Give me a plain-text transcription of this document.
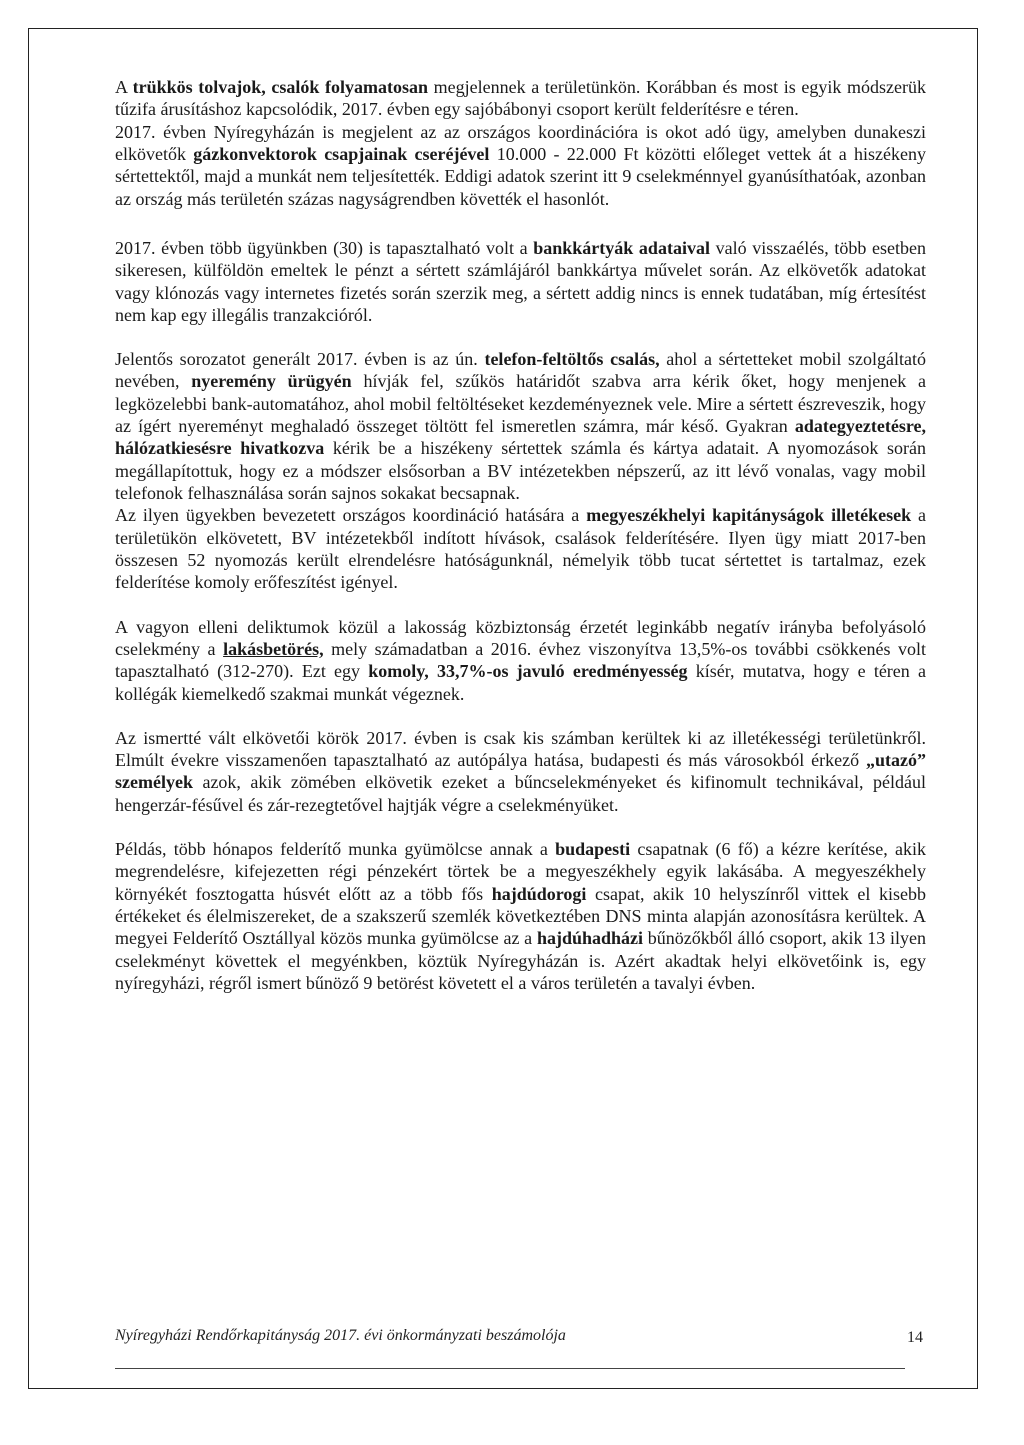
A trükkös tolvajok, csalók folyamatosan megjelennek a területünkön. Korábban és most is egyik módszerük tűzifa árusításhoz kapcsolódik, 2017. évben egy sajóbábonyi csoport került felderítésre e téren.

2017. évben Nyíregyházán is megjelent az az országos koordinációra is okot adó ügy, amelyben dunakeszi elkövetők gázkonvektorok csapjainak cseréjével 10.000 - 22.000 Ft közötti előleget vettek át a hiszékeny sértettektől, majd a munkát nem teljesítették. Eddigi adatok szerint itt 9 cselekménnyel gyanúsíthatóak, azonban az ország más területén százas nagyságrendben követték el hasonlót.

2017. évben több ügyünkben (30) is tapasztalható volt a bankkártyák adataival való visszaélés, több esetben sikeresen, külföldön emeltek le pénzt a sértett számlájáról bankkártya művelet során. Az elkövetők adatokat vagy klónozás vagy internetes fizetés során szerzik meg, a sértett addig nincs is ennek tudatában, míg értesítést nem kap egy illegális tranzakcióról.

Jelentős sorozatot generált 2017. évben is az ún. telefon-feltöltős csalás, ahol a sértetteket mobil szolgáltató nevében, nyeremény ürügyén hívják fel, szűkös határidőt szabva arra kérik őket, hogy menjenek a legközelebbi bank-automatához, ahol mobil feltöltéseket kezdeményeznek vele. Mire a sértett észreveszik, hogy az ígért nyereményt meghaladó összeget töltött fel ismeretlen számra, már késő. Gyakran adategyeztetésre, hálózatkiesésre hivatkozva kérik be a hiszékeny sértettek számla és kártya adatait. A nyomozások során megállapítottuk, hogy ez a módszer elsősorban a BV intézetekben népszerű, az itt lévő vonalas, vagy mobil telefonok felhasználása során sajnos sokakat becsapnak.

Az ilyen ügyekben bevezetett országos koordináció hatására a megyeszékhelyi kapitányságok illetékesek a területükön elkövetett, BV intézetekből indított hívások, csalások felderítésére. Ilyen ügy miatt 2017-ben összesen 52 nyomozás került elrendelésre hatóságunknál, némelyik több tucat sértettet is tartalmaz, ezek felderítése komoly erőfeszítést igényel.

A vagyon elleni deliktumok közül a lakosság közbiztonság érzetét leginkább negatív irányba befolyásoló cselekmény a lakásbetörés, mely számadatban a 2016. évhez viszonyítva 13,5%-os további csökkenés volt tapasztalható (312-270). Ezt egy komoly, 33,7%-os javuló eredményesség kísér, mutatva, hogy e téren a kollégák kiemelkedő szakmai munkát végeznek.

Az ismertté vált elkövetői körök 2017. évben is csak kis számban kerültek ki az illetékességi területünkről. Elmúlt évekre visszamenően tapasztalható az autópálya hatása, budapesti és más városokból érkező „utazó” személyek azok, akik zömében elkövetik ezeket a bűncselekményeket és kifinomult technikával, például hengerzár-fésűvel és zár-rezegtetővel hajtják végre a cselekményüket.

Példás, több hónapos felderítő munka gyümölcse annak a budapesti csapatnak (6 fő) a kézre kerítése, akik megrendelésre, kifejezetten régi pénzekért törtek be a megyeszékhely egyik lakásába. A megyeszékhely környékét fosztogatta húsvét előtt az a több fős hajdúdorogi csapat, akik 10 helyszínről vittek el kisebb értékeket és élelmiszereket, de a szakszerű szemlék következtében DNS minta alapján azonosításra kerültek. A megyei Felderítő Osztállyal közös munka gyümölcse az a hajdúhadházi bűnözőkből álló csoport, akik 13 ilyen cselekményt követtek el megyénkben, köztük Nyíregyházán is. Azért akadtak helyi elkövetőink is, egy nyíregyházi, régről ismert bűnöző 9 betörést követett el a város területén a tavalyi évben.

Nyíregyházi Rendőrkapitányság 2017. évi önkormányzati beszámolója	14
